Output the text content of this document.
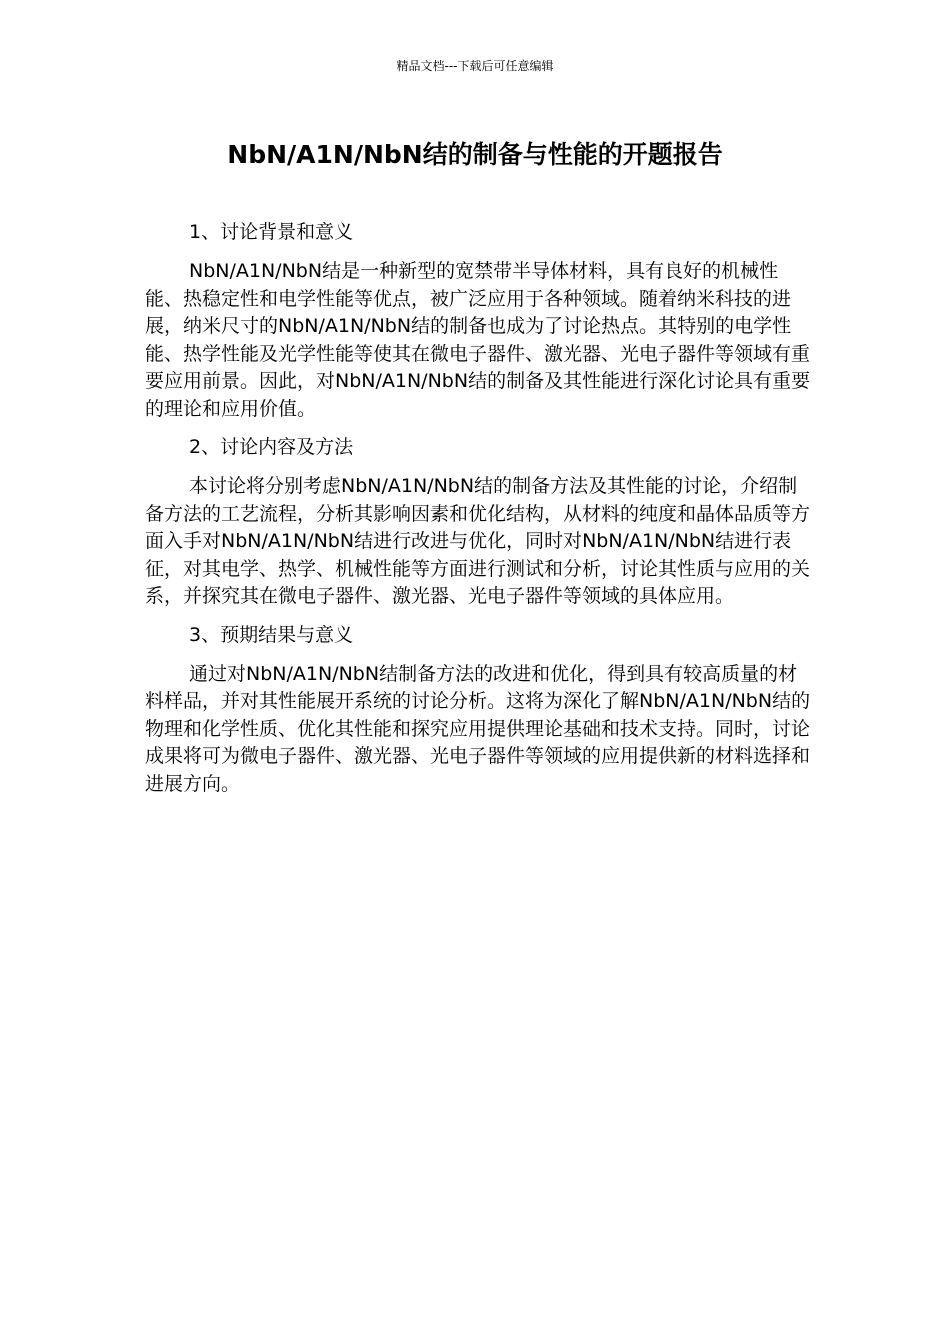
精品文档---下载后可任意编辑
NbN/A1N/NbN结的制备与性能的开题报告
1、讨论背景和意义

NbN/A1N/NbN结是一种新型的宽禁带半导体材料，具有良好的机械性能、热稳定性和电学性能等优点，被广泛应用于各种领域。随着纳米科技的进展，纳米尺寸的NbN/A1N/NbN结的制备也成为了讨论热点。其特别的电学性能、热学性能及光学性能等使其在微电子器件、激光器、光电子器件等领域有重要应用前景。因此，对NbN/A1N/NbN结的制备及其性能进行深化讨论具有重要的理论和应用价值。

2、讨论内容及方法

本讨论将分别考虑NbN/A1N/NbN结的制备方法及其性能的讨论，介绍制备方法的工艺流程，分析其影响因素和优化结构，从材料的纯度和晶体品质等方面入手对NbN/A1N/NbN结进行改进与优化，同时对NbN/A1N/NbN结进行表征，对其电学、热学、机械性能等方面进行测试和分析，讨论其性质与应用的关系，并探究其在微电子器件、激光器、光电子器件等领域的具体应用。

3、预期结果与意义

通过对NbN/A1N/NbN结制备方法的改进和优化，得到具有较高质量的材料样品，并对其性能展开系统的讨论分析。这将为深化了解NbN/A1N/NbN结的物理和化学性质、优化其性能和探究应用提供理论基础和技术支持。同时，讨论成果将可为微电子器件、激光器、光电子器件等领域的应用提供新的材料选择和进展方向。
